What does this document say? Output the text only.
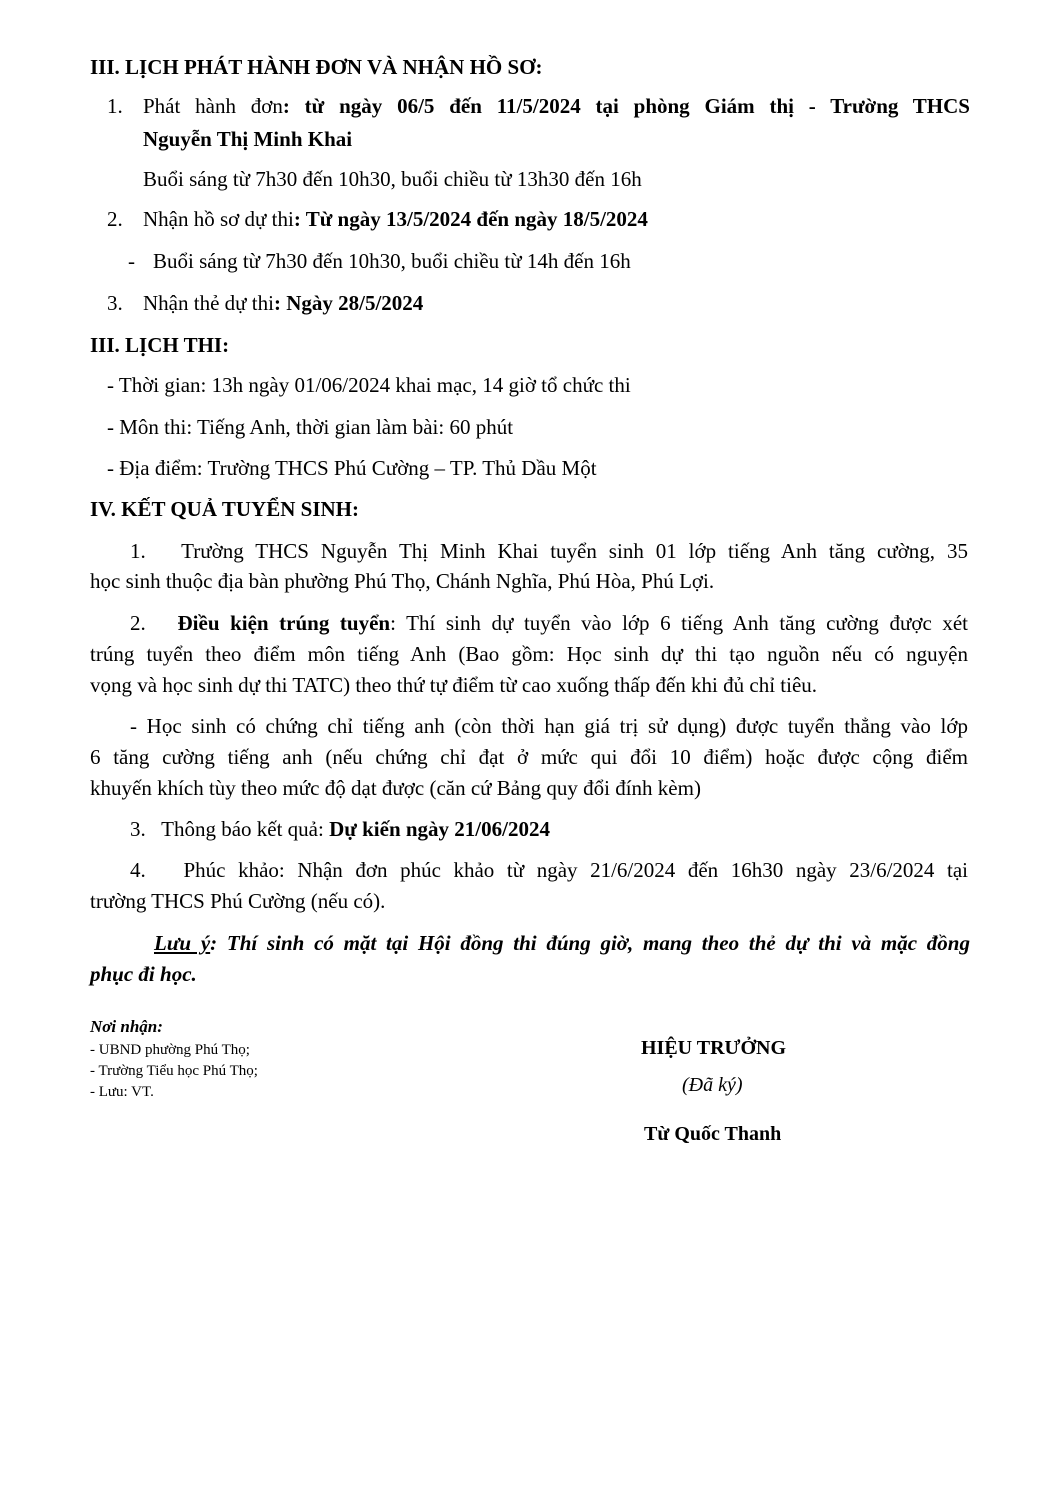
III. LỊCH PHÁT HÀNH ĐƠN VÀ NHẬN HỒ SƠ:
1. Phát hành đơn: từ ngày 06/5 đến 11/5/2024 tại phòng Giám thị - Trường THCS
Nguyễn Thị Minh Khai
Buổi sáng từ 7h30 đến 10h30, buổi chiều từ 13h30 đến 16h
2. Nhận hồ sơ dự thi: Từ ngày 13/5/2024 đến ngày 18/5/2024
- Buổi sáng từ 7h30 đến 10h30, buổi chiều từ 14h đến 16h
3. Nhận thẻ dự thi: Ngày 28/5/2024
III. LỊCH THI:
- Thời gian: 13h ngày 01/06/2024 khai mạc, 14 giờ tổ chức thi
- Môn thi: Tiếng Anh, thời gian làm bài: 60 phút
- Địa điểm: Trường THCS Phú Cường – TP. Thủ Dầu Một
IV. KẾT QUẢ TUYỂN SINH:
1.   Trường THCS Nguyễn Thị Minh Khai tuyển sinh 01 lớp tiếng Anh tăng cường, 35
học sinh thuộc địa bàn phường Phú Thọ, Chánh Nghĩa, Phú Hòa, Phú Lợi.
2. Điều kiện trúng tuyển: Thí sinh dự tuyển vào lớp 6 tiếng Anh tăng cường được xét
trúng tuyển theo điểm môn tiếng Anh (Bao gồm: Học sinh dự thi tạo nguồn nếu có nguyện
vọng và học sinh dự thi TATC) theo thứ tự điểm từ cao xuống thấp đến khi đủ chỉ tiêu.
- Học sinh có chứng chỉ tiếng anh (còn thời hạn giá trị sử dụng) được tuyển thẳng vào lớp
6 tăng cường tiếng anh (nếu chứng chỉ đạt ở mức qui đổi 10 điểm) hoặc được cộng điểm
khuyến khích tùy theo mức độ dạt được (căn cứ Bảng quy đổi đính kèm)
3.   Thông báo kết quả: Dự kiến ngày 21/06/2024
4.   Phúc khảo: Nhận đơn phúc khảo từ ngày 21/6/2024 đến 16h30 ngày 23/6/2024 tại
trường THCS Phú Cường (nếu có).
Lưu ý: Thí sinh có mặt tại Hội đồng thi đúng giờ, mang theo thẻ dự thi và mặc đồng
phục đi học.
Nơi nhận:
- UBND phường Phú Thọ;
- Trường Tiểu học Phú Thọ;
- Lưu: VT.
HIỆU TRƯỞNG
(Đã ký)
Từ Quốc Thanh
